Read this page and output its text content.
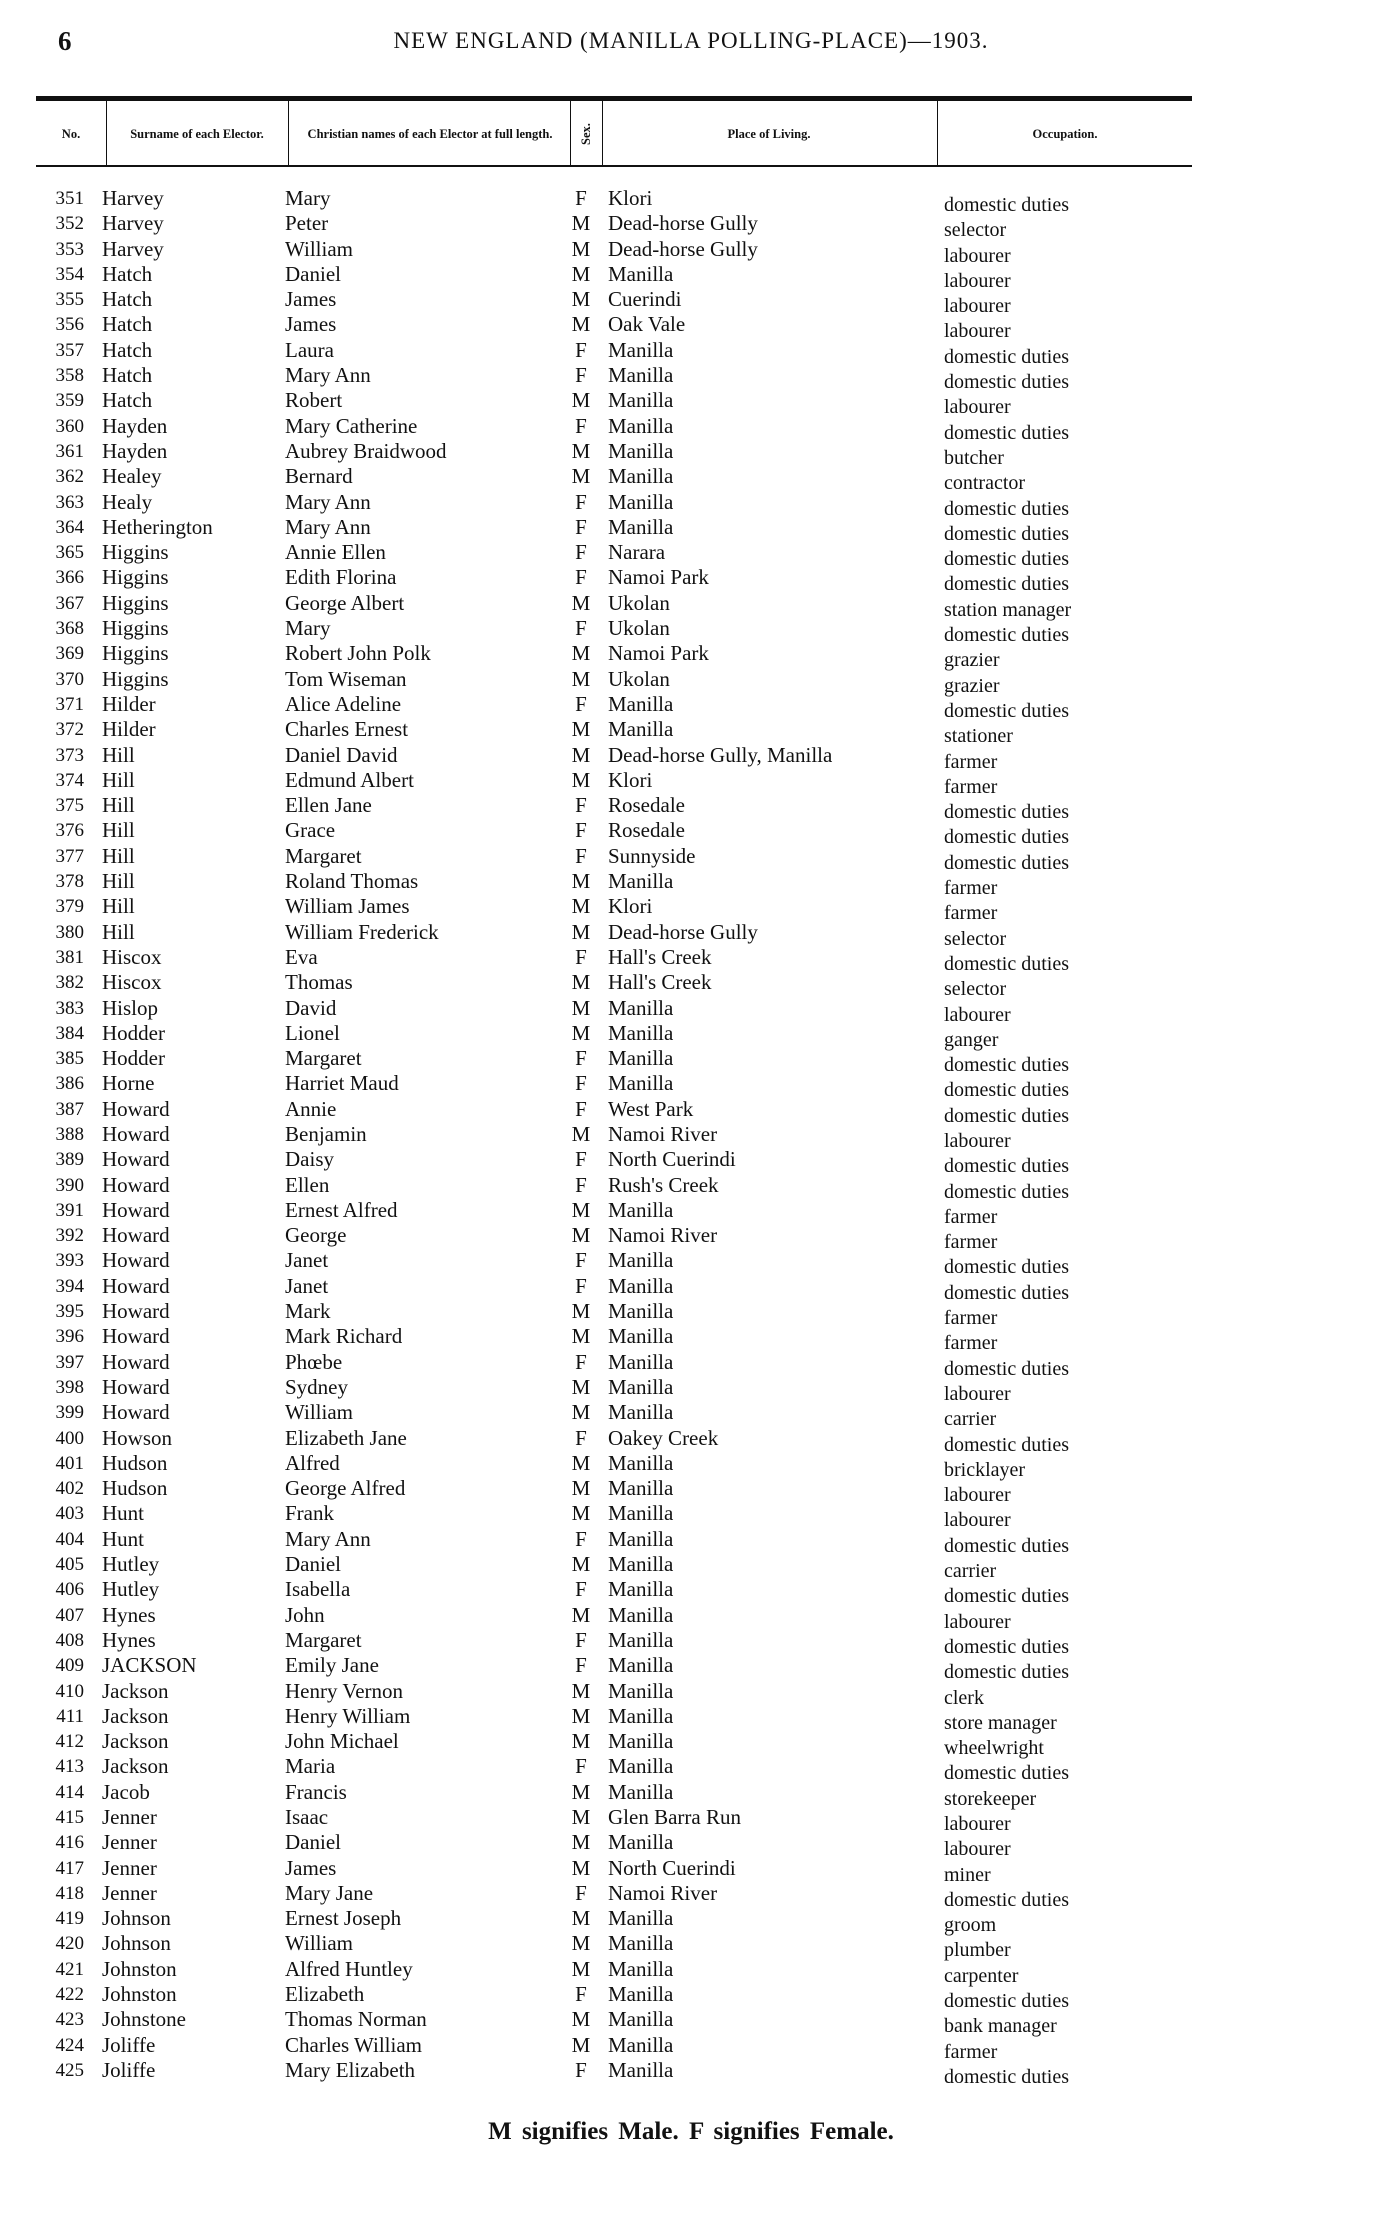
6	NEW ENGLAND (MANILLA POLLING-PLACE)—1903.
No.	Surname of each Elector.	Christian names of each Elector at full length.	Sex.	Place of Living.	Occupation.
351 Harvey	Mary	F	Klori	domestic duties
352 Harvey	Peter	M Dead-horse Gully	selector
353 Harvey	William	M Dead-horse Gully	labourer
354 Hatch	Daniel	M Manilla	labourer
355 Hatch	James	M Cuerindi	labourer
356 Hatch	James	M Oak Vale	labourer
357 Hatch	Laura	F	Manilla	domestic duties
358 Hatch	Mary Ann	F	Manilla	domestic duties
359 Hatch	Robert	M Manilla	labourer
360 Hayden	Mary Catherine	F	Manilla	domestic duties
361 Hayden	Aubrey Braidwood	M Manilla	butcher
362 Healey	Bernard	M Manilla	contractor
363 Healy	Mary Ann	F	Manilla	domestic duties
364 Hetherington	Mary Ann	F	Manilla	domestic duties
365 Higgins	Annie Ellen	F	Narara	domestic duties
366 Higgins	Edith Florina	F	Namoi Park	domestic duties
367 Higgins	George Albert	M Ukolan	station manager
368 Higgins	Mary	F	Ukolan	domestic duties
369 Higgins	Robert John Polk	M Namoi Park	grazier
370 Higgins	Tom Wiseman	M Ukolan	grazier
371 Hilder	Alice Adeline	F	Manilla	domestic duties
372 Hilder	Charles Ernest	M Manilla	stationer
373 Hill	Daniel David	M Dead-horse Gully, Manilla	farmer
374 Hill	Edmund Albert	M Klori	farmer
375 Hill	Ellen Jane	F	Rosedale	domestic duties
376 Hill	Grace	F	Rosedale	domestic duties
377 Hill	Margaret	F	Sunnyside	domestic duties
378 Hill	Roland Thomas	M Manilla	farmer
379 Hill	William James	M Klori	farmer
380 Hill	William Frederick	M Dead-horse Gully	selector
381 Hiscox	Eva	F	Hall's Creek	domestic duties
382 Hiscox	Thomas	M Hall's Creek	selector
383 Hislop	David	M Manilla	labourer
384 Hodder	Lionel	M Manilla	ganger
385 Hodder	Margaret	F	Manilla	domestic duties
386 Horne	Harriet Maud	F	Manilla	domestic duties
387 Howard	Annie	F	West Park	domestic duties
388 Howard	Benjamin	M Namoi River	labourer
389 Howard	Daisy	F	North Cuerindi	domestic duties
390 Howard	Ellen	F	Rush's Creek	domestic duties
391 Howard	Ernest Alfred	M Manilla	farmer
392 Howard	George	M Namoi River	farmer
393 Howard	Janet	F	Manilla	domestic duties
394 Howard	Janet	F	Manilla	domestic duties
395 Howard	Mark	M Manilla	farmer
396 Howard	Mark Richard	M Manilla	farmer
397 Howard	Phœbe	F	Manilla	domestic duties
398 Howard	Sydney	M Manilla	labourer
399 Howard	William	M Manilla	carrier
400 Howson	Elizabeth Jane	F	Oakey Creek	domestic duties
401 Hudson	Alfred	M Manilla	bricklayer
402 Hudson	George Alfred	M Manilla	labourer
403 Hunt	Frank	M Manilla	labourer
404 Hunt	Mary Ann	F	Manilla	domestic duties
405 Hutley	Daniel	M Manilla	carrier
406 Hutley	Isabella	F	Manilla	domestic duties
407 Hynes	John	M Manilla	labourer
408 Hynes	Margaret	F	Manilla	domestic duties
409 JACKSON	Emily Jane	F	Manilla	domestic duties
410 Jackson	Henry Vernon	M Manilla	clerk
411 Jackson	Henry William	M Manilla	store manager
412 Jackson	John Michael	M Manilla	wheelwright
413 Jackson	Maria	F	Manilla	domestic duties
414 Jacob	Francis	M Manilla	storekeeper
415 Jenner	Isaac	M Glen Barra Run	labourer
416 Jenner	Daniel	M Manilla	labourer
417 Jenner	James	M North Cuerindi	miner
418 Jenner	Mary Jane	F	Namoi River	domestic duties
419 Johnson	Ernest Joseph	M Manilla	groom
420 Johnson	William	M Manilla	plumber
421 Johnston	Alfred Huntley	M Manilla	carpenter
422 Johnston	Elizabeth	F	Manilla	domestic duties
423 Johnstone	Thomas Norman	M Manilla	bank manager
424 Joliffe	Charles William	M Manilla	farmer
425 Joliffe	Mary Elizabeth	F	Manilla	domestic duties
M signifies Male. F signifies Female.
